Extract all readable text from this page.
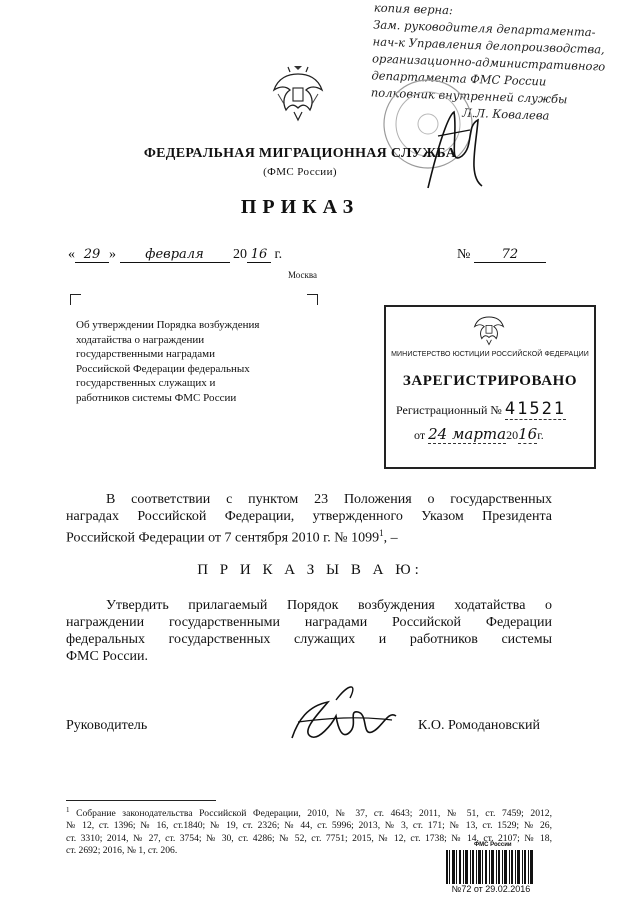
копия верна:
Зам. руководителя департамента-
нач-к Управления делопроизводства,
организационно-административного
департамента ФМС России
полковник внутренней службы
Л.Л. Ковалева
ФЕДЕРАЛЬНАЯ МИГРАЦИОННАЯ СЛУЖБА
(ФМС России)
ПРИКАЗ
« 29 » февраля 20 16 г.	№ 72
Москва
Об утверждении Порядка возбуждения
ходатайства о награждении
государственными наградами
Российской Федерации федеральных
государственных служащих и
работников системы ФМС России
МИНИСТЕРСТВО ЮСТИЦИИ РОССИЙСКОЙ ФЕДЕРАЦИИ
ЗАРЕГИСТРИРОВАНО
Регистрационный № 41521
от 24 марта2016г.
В соответствии с пунктом 23 Положения о государственных
наградах Российской Федерации, утвержденного Указом Президента
Российской Федерации от 7 сентября 2010 г. № 1099$^1$, –
П Р И К А З Ы В А Ю:
Утвердить прилагаемый Порядок возбуждения ходатайства о
награждении государственными наградами Российской Федерации
федеральных государственных служащих и работников системы
ФМС России.
Руководитель	К.О. Ромодановский
$^1$ Собрание законодательства Российской Федерации, 2010, № 37, ст. 4643; 2011, № 51, ст. 7459; 2012,
№ 12, ст. 1396; № 16, ст.1840; № 19, ст. 2326; № 44, ст. 5996; 2013, № 3, ст. 171; № 13, ст. 1529; № 26,
ст. 3310; 2014, № 27, ст. 3754; № 30, ст. 4286; № 52, ст. 7751; 2015, № 12, ст. 1738; № 14, ст. 2107; № 18,
ст. 2692; 2016, № 1, ст. 206.	ФМС России
№72 от 29.02.2016
